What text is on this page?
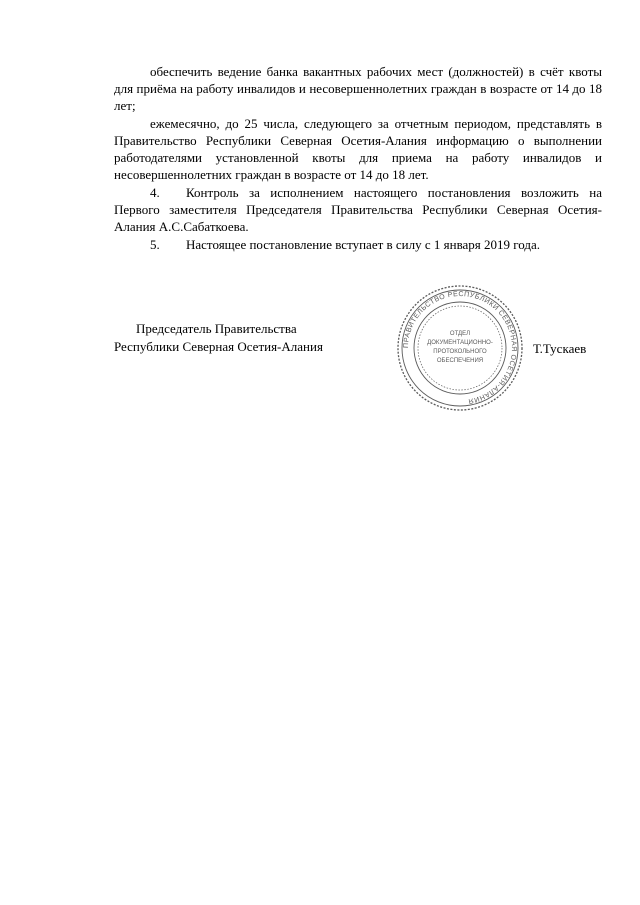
обеспечить ведение банка вакантных рабочих мест (должностей) в счёт квоты для приёма на работу инвалидов и несовершеннолетних граждан в возрасте от 14 до 18 лет;

ежемесячно, до 25 числа, следующего за отчетным периодом, представлять в Правительство Республики Северная Осетия-Алания информацию о выполнении работодателями установленной квоты для приема на работу инвалидов и несовершеннолетних граждан в возрасте от 14 до 18 лет.

4. Контроль за исполнением настоящего постановления возложить на Первого заместителя Председателя Правительства Республики Северная Осетия-Алания А.С.Сабаткоева.

5. Настоящее постановление вступает в силу с 1 января 2019 года.

Председатель Правительства
Республики Северная Осетия-Алания	Т.Тускаев
ПРАВИТЕЛЬСТВО РЕСПУБЛИКИ СЕВЕРНАЯ ОСЕТИЯ-АЛАНИЯ
ОТДЕЛ
ДОКУМЕНТАЦИОННО-
ПРОТОКОЛЬНОГО
ОБЕСПЕЧЕНИЯ
